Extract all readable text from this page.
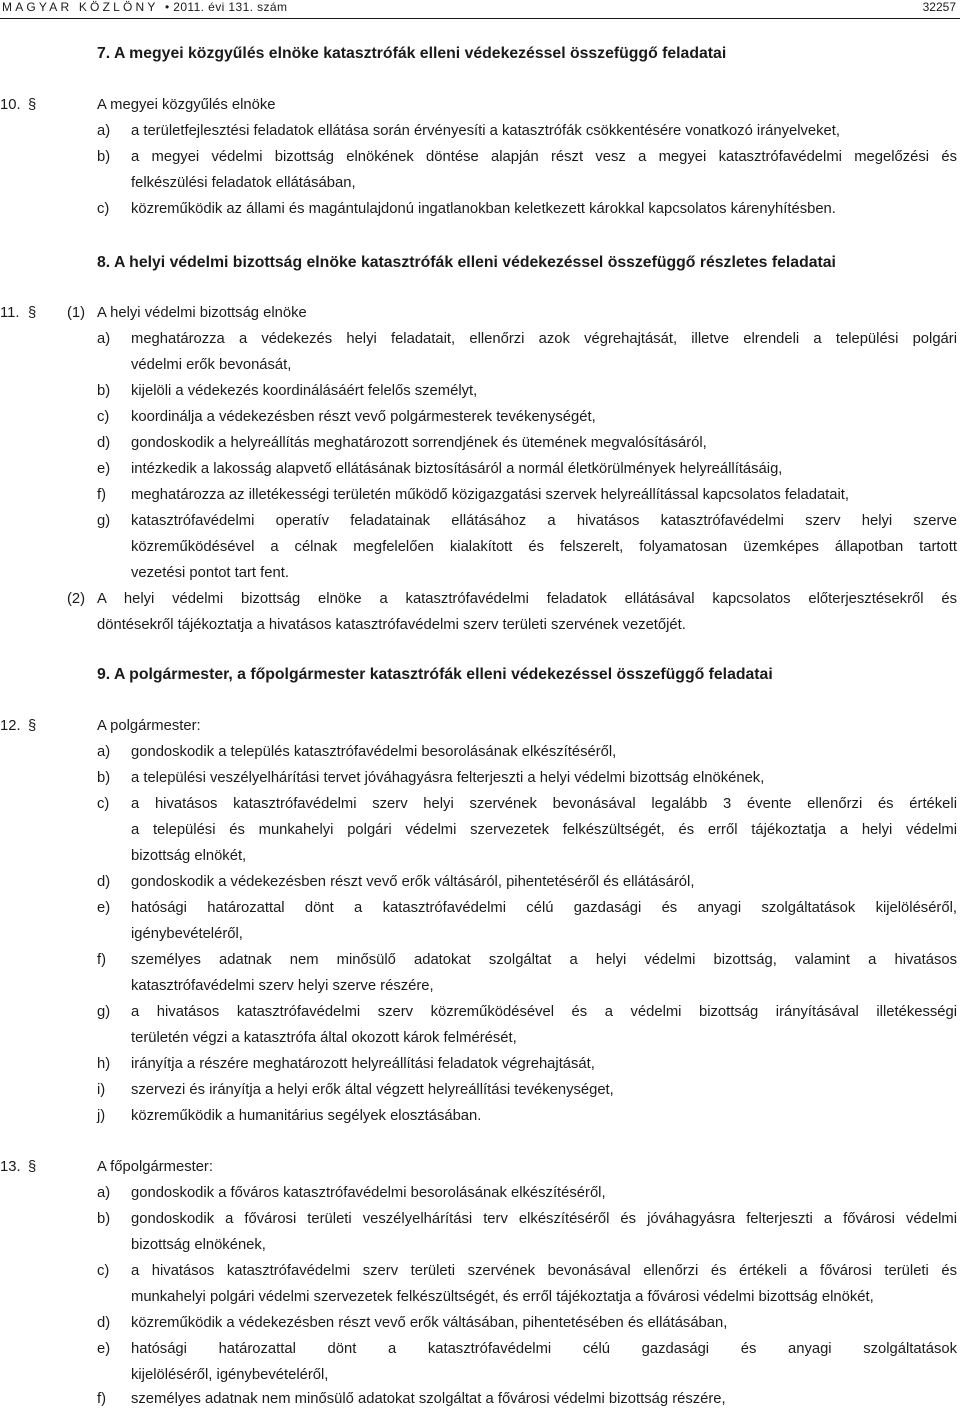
MAGYAR KÖZLÖNY • 2011. évi 131. szám	32257
7. A megyei közgyűlés elnöke katasztrófák elleni védekezéssel összefüggő feladatai
10. §	A megyei közgyűlés elnöke
a) a területfejlesztési feladatok ellátása során érvényesíti a katasztrófák csökkentésére vonatkozó irányelveket,
b) a megyei védelmi bizottság elnökének döntése alapján részt vesz a megyei katasztrófavédelmi megelőzési és
felkészülési feladatok ellátásában,
c) közreműködik az állami és magántulajdonú ingatlanokban keletkezett károkkal kapcsolatos kárenyhítésben.
8. A helyi védelmi bizottság elnöke katasztrófák elleni védekezéssel összefüggő részletes feladatai
11. § (1) A helyi védelmi bizottság elnöke
a) meghatározza a védekezés helyi feladatait, ellenőrzi azok végrehajtását, illetve elrendeli a települési polgári
védelmi erők bevonását,
b) kijelöli a védekezés koordinálásáért felelős személyt,
c) koordinálja a védekezésben részt vevő polgármesterek tevékenységét,
d) gondoskodik a helyreállítás meghatározott sorrendjének és ütemének megvalósításáról,
e) intézkedik a lakosság alapvető ellátásának biztosításáról a normál életkörülmények helyreállításáig,
f) meghatározza az illetékességi területén működő közigazgatási szervek helyreállítással kapcsolatos feladatait,
g) katasztrófavédelmi operatív feladatainak ellátásához a hivatásos katasztrófavédelmi szerv helyi szerve
közreműködésével a célnak megfelelően kialakított és felszerelt, folyamatosan üzemképes állapotban tartott
vezetési pontot tart fent.
(2) A helyi védelmi bizottság elnöke a katasztrófavédelmi feladatok ellátásával kapcsolatos előterjesztésekről és
döntésekről tájékoztatja a hivatásos katasztrófavédelmi szerv területi szervének vezetőjét.
9. A polgármester, a főpolgármester katasztrófák elleni védekezéssel összefüggő feladatai
12. §	A polgármester:
a) gondoskodik a település katasztrófavédelmi besorolásának elkészítéséről,
b) a települési veszélyelhárítási tervet jóváhagyásra felterjeszti a helyi védelmi bizottság elnökének,
c) a hivatásos katasztrófavédelmi szerv helyi szervének bevonásával legalább 3 évente ellenőrzi és értékeli
a települési és munkahelyi polgári védelmi szervezetek felkészültségét, és erről tájékoztatja a helyi védelmi
bizottság elnökét,
d) gondoskodik a védekezésben részt vevő erők váltásáról, pihentetéséről és ellátásáról,
e) hatósági határozattal dönt a katasztrófavédelmi célú gazdasági és anyagi szolgáltatások kijelöléséről,
igénybevételéről,
f) személyes adatnak nem minősülő adatokat szolgáltat a helyi védelmi bizottság, valamint a hivatásos
katasztrófavédelmi szerv helyi szerve részére,
g) a hivatásos katasztrófavédelmi szerv közreműködésével és a védelmi bizottság irányításával illetékességi
területén végzi a katasztrófa által okozott károk felmérését,
h) irányítja a részére meghatározott helyreállítási feladatok végrehajtását,
i) szervezi és irányítja a helyi erők által végzett helyreállítási tevékenységet,
j) közreműködik a humanitárius segélyek elosztásában.
13. §	A főpolgármester:
a) gondoskodik a főváros katasztrófavédelmi besorolásának elkészítéséről,
b) gondoskodik a fővárosi területi veszélyelhárítási terv elkészítéséről és jóváhagyásra felterjeszti a fővárosi védelmi
bizottság elnökének,
c) a hivatásos katasztrófavédelmi szerv területi szervének bevonásával ellenőrzi és értékeli a fővárosi területi és
munkahelyi polgári védelmi szervezetek felkészültségét, és erről tájékoztatja a fővárosi védelmi bizottság elnökét,
d) közreműködik a védekezésben részt vevő erők váltásában, pihentetésében és ellátásában,
e) hatósági határozattal dönt a katasztrófavédelmi célú gazdasági és anyagi szolgáltatások
kijelöléséről, igénybevételéről,
f) személyes adatnak nem minősülő adatokat szolgáltat a fővárosi védelmi bizottság részére,
